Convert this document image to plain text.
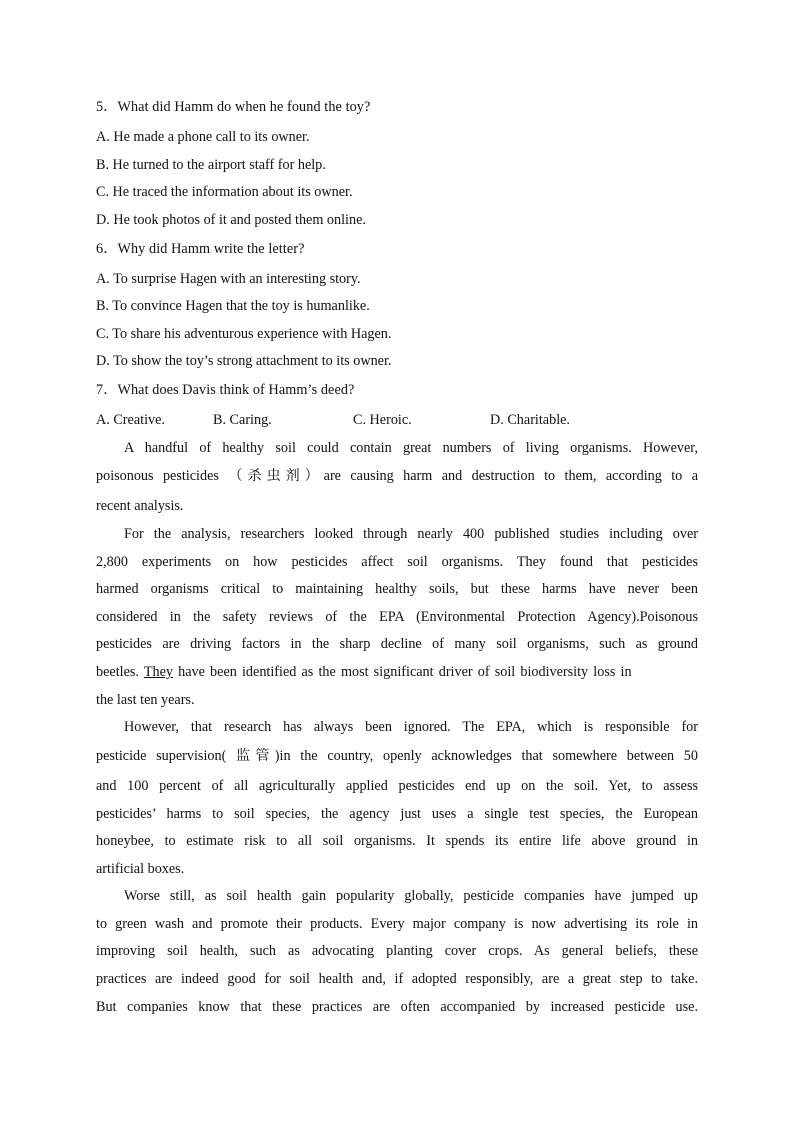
5．What did Hamm do when he found the toy?
A. He made a phone call to its owner.
B. He turned to the airport staff for help.
C. He traced the information about its owner.
D. He took photos of it and posted them online.
6．Why did Hamm write the letter?
A. To surprise Hagen with an interesting story.
B. To convince Hagen that the toy is humanlike.
C. To share his adventurous experience with Hagen.
D. To show the toy’s strong attachment to its owner.
7．What does Davis think of Hamm’s deed?
A. Creative.	B. Caring.	C. Heroic.	D. Charitable.
A handful of healthy soil could contain great numbers of living organisms. However,
poisonous pesticides （杀虫剂）are causing harm and destruction to them, according to a
recent analysis.
For the analysis, researchers looked through nearly 400 published studies including over
2,800 experiments on how pesticides affect soil organisms. They found that pesticides
harmed organisms critical to maintaining healthy soils, but these harms have never been
considered in the safety reviews of the EPA (Environmental Protection Agency).Poisonous
pesticides are driving factors in the sharp decline of many soil organisms, such as ground
beetles. They have been identified as the most significant driver of soil biodiversity loss in
the last ten years.
However, that research has always been ignored. The EPA, which is responsible for
pesticide supervision( 监管)in the country, openly acknowledges that somewhere between 50
and 100 percent of all agriculturally applied pesticides end up on the soil. Yet, to assess
pesticides’ harms to soil species, the agency just uses a single test species, the European
honeybee, to estimate risk to all soil organisms. It spends its entire life above ground in
artificial boxes.
Worse still, as soil health gain popularity globally, pesticide companies have jumped up
to green wash and promote their products. Every major company is now advertising its role in
improving soil health, such as advocating planting cover crops. As general beliefs, these
practices are indeed good for soil health and, if adopted responsibly, are a great step to take.
But companies know that these practices are often accompanied by increased pesticide use.
